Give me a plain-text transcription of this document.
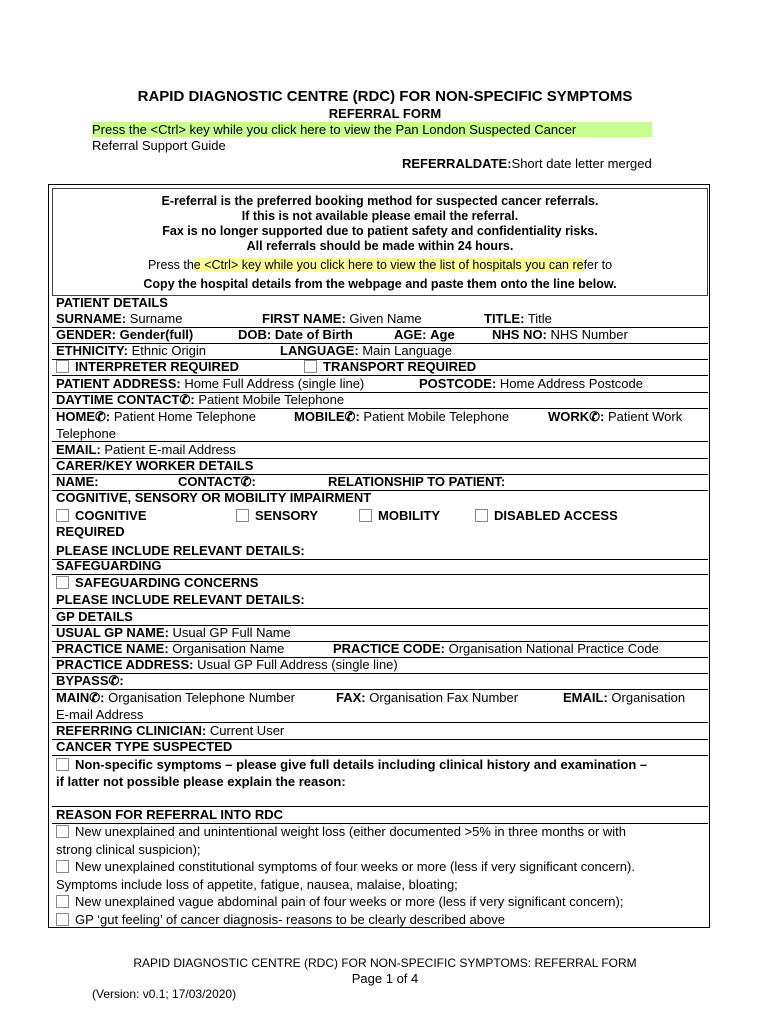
RAPID DIAGNOSTIC CENTRE (RDC) FOR NON-SPECIFIC SYMPTOMS
REFERRAL FORM
Press the <Ctrl> key while you click here to view the Pan London Suspected Cancer
Referral Support Guide
REFERRALDATE:Short date letter merged
E-referral is the preferred booking method for suspected cancer referrals.
If this is not available please email the referral.
Fax is no longer supported due to patient safety and confidentiality risks.
All referrals should be made within 24 hours.
Press the <Ctrl> key while you click here to view the list of hospitals you can refer to
Copy the hospital details from the webpage and paste them onto the line below.
PATIENT DETAILS
SURNAME: Surname	FIRST NAME: Given Name	TITLE: Title
GENDER: Gender(full)	DOB: Date of Birth	AGE: Age	NHS NO: NHS Number
ETHNICITY: Ethnic Origin	LANGUAGE: Main Language
INTERPRETER REQUIRED	TRANSPORT REQUIRED
PATIENT ADDRESS: Home Full Address (single line)	POSTCODE: Home Address Postcode
DAYTIME CONTACT✆: Patient Mobile Telephone
HOME✆: Patient Home Telephone	MOBILE✆: Patient Mobile Telephone	WORK✆: Patient Work
Telephone
EMAIL: Patient E-mail Address
CARER/KEY WORKER DETAILS
NAME:	CONTACT✆:	RELATIONSHIP TO PATIENT:
COGNITIVE, SENSORY OR MOBILITY IMPAIRMENT
COGNITIVE	SENSORY	MOBILITY	DISABLED ACCESS
REQUIRED
PLEASE INCLUDE RELEVANT DETAILS:
SAFEGUARDING
SAFEGUARDING CONCERNS
PLEASE INCLUDE RELEVANT DETAILS:
GP DETAILS
USUAL GP NAME: Usual GP Full Name
PRACTICE NAME: Organisation Name	PRACTICE CODE: Organisation National Practice Code
PRACTICE ADDRESS: Usual GP Full Address (single line)
BYPASS✆:
MAIN✆: Organisation Telephone Number	FAX: Organisation Fax Number	EMAIL: Organisation
E-mail Address
REFERRING CLINICIAN: Current User
CANCER TYPE SUSPECTED
Non-specific symptoms – please give full details including clinical history and examination –
if latter not possible please explain the reason:
REASON FOR REFERRAL INTO RDC
New unexplained and unintentional weight loss (either documented >5% in three months or with
strong clinical suspicion);
New unexplained constitutional symptoms of four weeks or more (less if very significant concern).
Symptoms include loss of appetite, fatigue, nausea, malaise, bloating;
New unexplained vague abdominal pain of four weeks or more (less if very significant concern);
GP ‘gut feeling’ of cancer diagnosis- reasons to be clearly described above
RAPID DIAGNOSTIC CENTRE (RDC) FOR NON-SPECIFIC SYMPTOMS: REFERRAL FORM
Page 1 of 4
(Version: v0.1; 17/03/2020)
